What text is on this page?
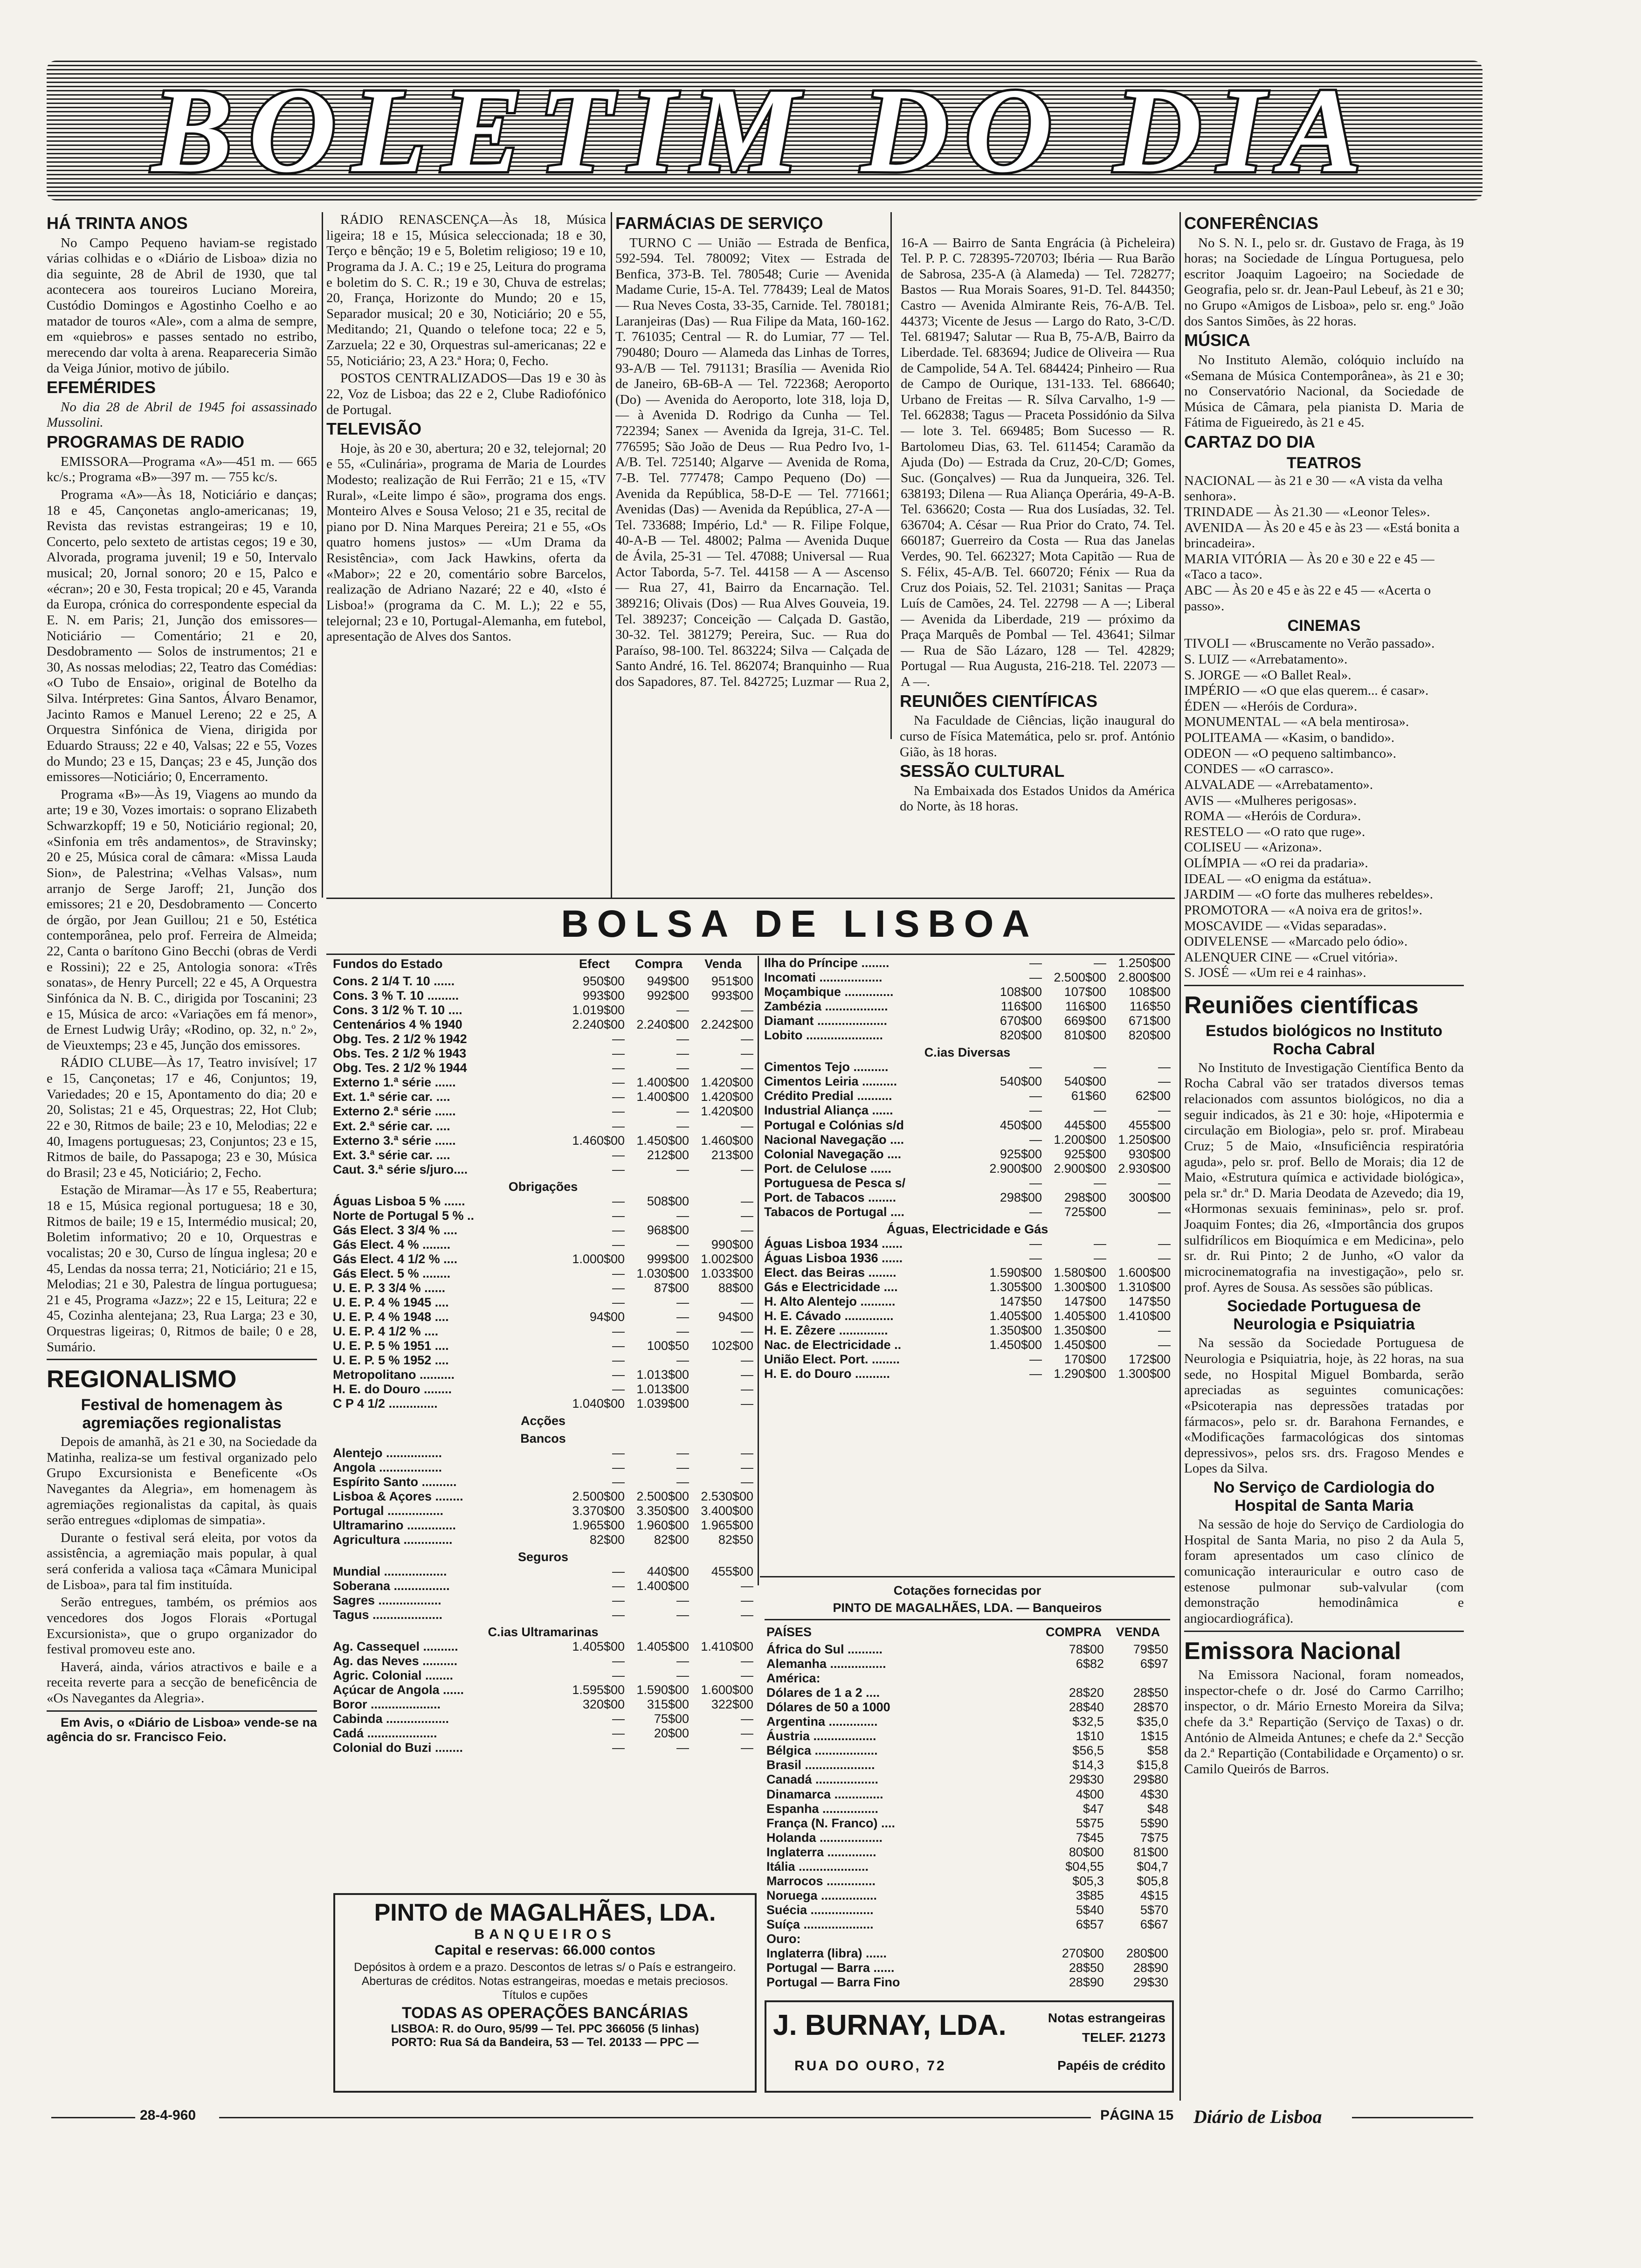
BOLETIM DO DIA
HÁ TRINTA ANOS

No Campo Pequeno haviam-se registado várias colhidas e o «Diário de Lisboa» dizia no dia seguinte, 28 de Abril de 1930, que tal acontecera aos toureiros Luciano Moreira, Custódio Domingos e Agostinho Coelho e ao matador de touros «Ale», com a alma de sempre, em «quiebros» e passes sentado no estribo, merecendo dar volta à arena. Reapareceria Simão da Veiga Júnior, motivo de júbilo.

EFEMÉRIDES

No dia 28 de Abril de 1945 foi assassinado Mussolini.

PROGRAMAS DE RADIO

EMISSORA—Programa «A»—451 m. — 665 kc/s.; Programa «B»—397 m. — 755 kc/s.

Programa «A»—Às 18, Noticiário e danças; 18 e 45, Cançonetas anglo-americanas; 19, Revista das revistas estrangeiras; 19 e 10, Concerto, pelo sexteto de artistas cegos; 19 e 30, Alvorada, programa juvenil; 19 e 50, Intervalo musical; 20, Jornal sonoro; 20 e 15, Palco e «écran»; 20 e 30, Festa tropical; 20 e 45, Varanda da Europa, crónica do correspondente especial da E. N. em Paris; 21, Junção dos emissores—Noticiário — Comentário; 21 e 20, Desdobramento — Solos de instrumentos; 21 e 30, As nossas melodias; 22, Teatro das Comédias: «O Tubo de Ensaio», original de Botelho da Silva. Intérpretes: Gina Santos, Álvaro Benamor, Jacinto Ramos e Manuel Lereno; 22 e 25, A Orquestra Sinfónica de Viena, dirigida por Eduardo Strauss; 22 e 40, Valsas; 22 e 55, Vozes do Mundo; 23 e 15, Danças; 23 e 45, Junção dos emissores—Noticiário; 0, Encerramento.

Programa «B»—Às 19, Viagens ao mundo da arte; 19 e 30, Vozes imortais: o soprano Elizabeth Schwarzkopff; 19 e 50, Noticiário regional; 20, «Sinfonia em três andamentos», de Stravinsky; 20 e 25, Música coral de câmara: «Missa Lauda Sion», de Palestrina; «Velhas Valsas», num arranjo de Serge Jaroff; 21, Junção dos emissores; 21 e 20, Desdobramento — Concerto de órgão, por Jean Guillou; 21 e 50, Estética contemporânea, pelo prof. Ferreira de Almeida; 22, Canta o barítono Gino Becchi (obras de Verdi e Rossini); 22 e 25, Antologia sonora: «Três sonatas», de Henry Purcell; 22 e 45, A Orquestra Sinfónica da N. B. C., dirigida por Toscanini; 23 e 15, Música de arco: «Variações em fá menor», de Ernest Ludwig Urây; «Rodino, op. 32, n.º 2», de Vieuxtemps; 23 e 45, Junção dos emissores.

RÁDIO CLUBE—Às 17, Teatro invisível; 17 e 15, Cançonetas; 17 e 46, Conjuntos; 19, Variedades; 20 e 15, Apontamento do dia; 20 e 20, Solistas; 21 e 45, Orquestras; 22, Hot Club; 22 e 30, Ritmos de baile; 23 e 10, Melodias; 22 e 40, Imagens portuguesas; 23, Conjuntos; 23 e 15, Ritmos de baile, do Passapoga; 23 e 30, Música do Brasil; 23 e 45, Noticiário; 2, Fecho.

Estação de Miramar—Às 17 e 55, Reabertura; 18 e 15, Música regional portuguesa; 18 e 30, Ritmos de baile; 19 e 15, Intermédio musical; 20, Boletim informativo; 20 e 10, Orquestras e vocalistas; 20 e 30, Curso de língua inglesa; 20 e 45, Lendas da nossa terra; 21, Noticiário; 21 e 15, Melodias; 21 e 30, Palestra de língua portuguesa; 21 e 45, Programa «Jazz»; 22 e 15, Leitura; 22 e 45, Cozinha alentejana; 23, Rua Larga; 23 e 30, Orquestras ligeiras; 0, Ritmos de baile; 0 e 28, Sumário.

REGIONALISMO
Festival de homenagem às agremiações regionalistas

Depois de amanhã, às 21 e 30, na Sociedade da Matinha, realiza-se um festival organizado pelo Grupo Excursionista e Beneficente «Os Navegantes da Alegria», em homenagem às agremiações regionalistas da capital, às quais serão entregues «diplomas de simpatia».

Durante o festival será eleita, por votos da assistência, a agremiação mais popular, à qual será conferida a valiosa taça «Câmara Municipal de Lisboa», para tal fim instituída.

Serão entregues, também, os prémios aos vencedores dos Jogos Florais «Portugal Excursionista», que o grupo organizador do festival promoveu este ano.

Haverá, ainda, vários atractivos e baile e a receita reverte para a secção de beneficência de «Os Navegantes da Alegria».

Em Avis, o «Diário de Lisboa» vende-se na agência do sr. Francisco Feio.

RÁDIO RENASCENÇA—Às 18, Música ligeira; 18 e 15, Música seleccionada; 18 e 30, Terço e bênção; 19 e 5, Boletim religioso; 19 e 10, Programa da J. A. C.; 19 e 25, Leitura do programa e boletim do S. C. R.; 19 e 30, Chuva de estrelas; 20, França, Horizonte do Mundo; 20 e 15, Separador musical; 20 e 30, Noticiário; 20 e 55, Meditando; 21, Quando o telefone toca; 22 e 5, Zarzuela; 22 e 30, Orquestras sul-americanas; 22 e 55, Noticiário; 23, A 23.ª Hora; 0, Fecho.

POSTOS CENTRALIZADOS—Das 19 e 30 às 22, Voz de Lisboa; das 22 e 2, Clube Radiofónico de Portugal.

TELEVISÃO

Hoje, às 20 e 30, abertura; 20 e 32, telejornal; 20 e 55, «Culinária», programa de Maria de Lourdes Modesto; realização de Rui Ferrão; 21 e 15, «TV Rural», «Leite limpo é são», programa dos engs. Monteiro Alves e Sousa Veloso; 21 e 35, recital de piano por D. Nina Marques Pereira; 21 e 55, «Os quatro homens justos» — «Um Drama da Resistência», com Jack Hawkins, oferta da «Mabor»; 22 e 20, comentário sobre Barcelos, realização de Adriano Nazaré; 22 e 40, «Isto é Lisboa!» (programa da C. M. L.); 22 e 55, telejornal; 23 e 10, Portugal-Alemanha, em futebol, apresentação de Alves dos Santos.

FARMÁCIAS DE SERVIÇO

TURNO C — União — Estrada de Benfica, 592-594. Tel. 780092; Vitex — Estrada de Benfica, 373-B. Tel. 780548; Curie — Avenida Madame Curie, 15-A. Tel. 778439; Leal de Matos — Rua Neves Costa, 33-35, Carnide. Tel. 780181; Laranjeiras (Das) — Rua Filipe da Mata, 160-162. T. 761035; Central — R. do Lumiar, 77 — Tel. 790480; Douro — Alameda das Linhas de Torres, 93-A/B — Tel. 791131; Brasília — Avenida Rio de Janeiro, 6B-6B-A — Tel. 722368; Aeroporto (Do) — Avenida do Aeroporto, lote 318, loja D, — à Avenida D. Rodrigo da Cunha — Tel. 722394; Sanex — Avenida da Igreja, 31-C. Tel. 776595; São João de Deus — Rua Pedro Ivo, 1-A/B. Tel. 725140; Algarve — Avenida de Roma, 7-B. Tel. 777478; Campo Pequeno (Do) — Avenida da República, 58-D-E — Tel. 771661; Avenidas (Das) — Avenida da República, 27-A — Tel. 733688; Império, Ld.ª — R. Filipe Folque, 40-A-B — Tel. 48002; Palma — Avenida Duque de Ávila, 25-31 — Tel. 47088; Universal — Rua Actor Taborda, 5-7. Tel. 44158 — A — Ascenso — Rua 27, 41, Bairro da Encarnação. Tel. 389216; Olivais (Dos) — Rua Alves Gouveia, 19. Tel. 389237; Conceição — Calçada D. Gastão, 30-32. Tel. 381279; Pereira, Suc. — Rua do Paraíso, 98-100. Tel. 863224; Silva — Calçada de Santo André, 16. Tel. 862074; Branquinho — Rua dos Sapadores, 87. Tel. 842725; Luzmar — Rua 2, 16-A — Bairro de Santa Engrácia (à Picheleira) Tel. P. P. C. 728395-720703; Ibéria — Rua Barão de Sabrosa, 235-A (à Alameda) — Tel. 728277; Bastos — Rua Morais Soares, 91-D. Tel. 844350; Castro — Avenida Almirante Reis, 76-A/B. Tel. 44373; Vicente de Jesus — Largo do Rato, 3-C/D. Tel. 681947; Salutar — Rua B, 75-A/B, Bairro da Liberdade. Tel. 683694; Judice de Oliveira — Rua de Campolide, 54 A. Tel. 684424; Pinheiro — Rua de Campo de Ourique, 131-133. Tel. 686640; Urbano de Freitas — R. Sílva Carvalho, 1-9 — Tel. 662838; Tagus — Praceta Possidónio da Silva — lote 3. Tel. 669485; Bom Sucesso — R. Bartolomeu Dias, 63. Tel. 611454; Caramão da Ajuda (Do) — Estrada da Cruz, 20-C/D; Gomes, Suc. (Gonçalves) — Rua da Junqueira, 326. Tel. 638193; Dilena — Rua Aliança Operária, 49-A-B. Tel. 636620; Costa — Rua dos Lusíadas, 32. Tel. 636704; A. César — Rua Prior do Crato, 74. Tel. 660187; Guerreiro da Costa — Rua das Janelas Verdes, 90. Tel. 662327; Mota Capitão — Rua de S. Félix, 45-A/B. Tel. 660720; Fénix — Rua da Cruz dos Poiais, 52. Tel. 21031; Sanitas — Praça Luís de Camões, 24. Tel. 22798 — A —; Liberal — Avenida da Liberdade, 219 — próximo da Praça Marquês de Pombal — Tel. 43641; Silmar — Rua de São Lázaro, 128 — Tel. 42829; Portugal — Rua Augusta, 216-218. Tel. 22073 — A —.

REUNIÕES CIENTÍFICAS

Na Faculdade de Ciências, lição inaugural do curso de Física Matemática, pelo sr. prof. António Gião, às 18 horas.

SESSÃO CULTURAL

Na Embaixada dos Estados Unidos da América do Norte, às 18 horas.

CONFERÊNCIAS

No S. N. I., pelo sr. dr. Gustavo de Fraga, às 19 horas; na Sociedade de Língua Portuguesa, pelo escritor Joaquim Lagoeiro; na Sociedade de Geografia, pelo sr. dr. Jean-Paul Lebeuf, às 21 e 30; no Grupo «Amigos de Lisboa», pelo sr. eng.º João dos Santos Simões, às 22 horas.

MÚSICA

No Instituto Alemão, colóquio incluído na «Semana de Música Contemporânea», às 21 e 30; no Conservatório Nacional, da Sociedade de Música de Câmara, pela pianista D. Maria de Fátima de Figueiredo, às 21 e 45.

CARTAZ DO DIA
TEATROS

NACIONAL — às 21 e 30 — «A vista da velha senhora».

TRINDADE — Às 21.30 — «Leonor Teles».

AVENIDA — Às 20 e 45 e às 23 — «Está bonita a brincadeira».

MARIA VITÓRIA — Às 20 e 30 e 22 e 45 — «Taco a taco».

ABC — Às 20 e 45 e às 22 e 45 — «Acerta o passo».

CINEMAS

TIVOLI — «Bruscamente no Verão passado».

S. LUIZ — «Arrebatamento».

S. JORGE — «O Ballet Real».

IMPÉRIO — «O que elas querem... é casar».

ÉDEN — «Heróis de Cordura».

MONUMENTAL — «A bela mentirosa».

POLITEAMA — «Kasim, o bandido».

ODEON — «O pequeno saltimbanco».

CONDES — «O carrasco».

ALVALADE — «Arrebatamento».

AVIS — «Mulheres perigosas».

ROMA — «Heróis de Cordura».

RESTELO — «O rato que ruge».

COLISEU — «Arizona».

OLÍMPIA — «O rei da pradaria».

IDEAL — «O enigma da estátua».

JARDIM — «O forte das mulheres rebeldes».

PROMOTORA — «A noiva era de gritos!».

MOSCAVIDE — «Vidas separadas».

ODIVELENSE — «Marcado pelo ódio».

ALENQUER CINE — «Cruel vitória».

S. JOSÉ — «Um rei e 4 rainhas».

Reuniões científicas
Estudos biológicos no Instituto Rocha Cabral

No Instituto de Investigação Científica Bento da Rocha Cabral vão ser tratados diversos temas relacionados com assuntos biológicos, no dia a seguir indicados, às 21 e 30: hoje, «Hipotermia e circulação em Biologia», pelo sr. prof. Mirabeau Cruz; 5 de Maio, «Insuficiência respiratória aguda», pelo sr. prof. Bello de Morais; dia 12 de Maio, «Estrutura química e actividade biológica», pela sr.ª dr.ª D. Maria Deodata de Azevedo; dia 19, «Hormonas sexuais femininas», pelo sr. prof. Joaquim Fontes; dia 26, «Importância dos grupos sulfidrílicos em Bioquímica e em Medicina», pelo sr. dr. Rui Pinto; 2 de Junho, «O valor da microcinematografia na investigação», pelo sr. prof. Ayres de Sousa. As sessões são públicas.

Sociedade Portuguesa de Neurologia e Psiquiatria

Na sessão da Sociedade Portuguesa de Neurologia e Psiquiatria, hoje, às 22 horas, na sua sede, no Hospital Miguel Bombarda, serão apreciadas as seguintes comunicações: «Psicoterapia nas depressões tratadas por fármacos», pelo sr. dr. Barahona Fernandes, e «Modificações farmacológicas dos sintomas depressivos», pelos srs. drs. Fragoso Mendes e Lopes da Silva.

No Serviço de Cardiologia do Hospital de Santa Maria

Na sessão de hoje do Serviço de Cardiologia do Hospital de Santa Maria, no piso 2 da Aula 5, foram apresentados um caso clínico de comunicação interauricular e outro caso de estenose pulmonar sub-valvular (com demonstração hemodinâmica e angiocardiográfica).

Emissora Nacional

Na Emissora Nacional, foram nomeados, inspector-chefe o dr. José do Carmo Carrilho; inspector, o dr. Mário Ernesto Moreira da Silva; chefe da 3.ª Repartição (Serviço de Taxas) o dr. António de Almeida Antunes; e chefe da 2.ª Secção da 2.ª Repartição (Contabilidade e Orçamento) o sr. Camilo Queirós de Barros.

BOLSA DE LISBOA
Fundos do Estado	Efect	Compra	Venda
Cons. 2 1/4 T. 10 ......	950$00	949$00	951$00
Cons. 3 % T. 10 .........	993$00	992$00	993$00
Cons. 3 1/2 % T. 10 ....	1.019$00	—	—
Centenários 4 % 1940	2.240$00	2.240$00	2.242$00
Obg. Tes. 2 1/2 % 1942	—	—	—
Obs. Tes. 2 1/2 % 1943	—	—	—
Obg. Tes. 2 1/2 % 1944	—	—	—
Externo 1.ª série ......	—	1.400$00	1.420$00
Ext. 1.ª série car. ....	—	1.400$00	1.420$00
Externo 2.ª série ......	—	—	1.420$00
Ext. 2.ª série car. ....	—	—	—
Externo 3.ª série ......	1.460$00	1.450$00	1.460$00
Ext. 3.ª série car. ....	—	212$00	213$00
Caut. 3.ª série s/juro....	—	—	—
Obrigações			
Águas Lisboa 5 % ......	—	508$00	—
Norte de Portugal 5 % ..	—	—	—
Gás Elect. 3 3/4 % ....	—	968$00	—
Gás Elect. 4 % ........	—	—	990$00
Gás Elect. 4 1/2 % ....	1.000$00	999$00	1.002$00
Gás Elect. 5 % ........	—	1.030$00	1.033$00
U. E. P. 3 3/4 % ......	—	87$00	88$00
U. E. P. 4 % 1945 ....	—	—	—
U. E. P. 4 % 1948 ....	94$00	—	94$00
U. E. P. 4 1/2 % ....	—	—	—
U. E. P. 5 % 1951 ....	—	100$50	102$00
U. E. P. 5 % 1952 ....	—	—	—
Metropolitano ..........	—	1.013$00	—
H. E. do Douro ........	—	1.013$00	—
C P 4 1/2 ..............	1.040$00	1.039$00	—
Acções			
Bancos			
Alentejo ................	—	—	—
Angola ..................	—	—	—
Espírito Santo ..........	—	—	—
Lisboa & Açores ........	2.500$00	2.500$00	2.530$00
Portugal ................	3.370$00	3.350$00	3.400$00
Ultramarino ..............	1.965$00	1.960$00	1.965$00
Agricultura ..............	82$00	82$00	82$50
Seguros			
Mundial ..................	—	440$00	455$00
Soberana ................	—	1.400$00	—
Sagres ..................	—	—	—
Tagus ....................	—	—	—
C.ias Ultramarinas			
Ag. Cassequel ..........	1.405$00	1.405$00	1.410$00
Ag. das Neves ..........	—	—	—
Agric. Colonial ........	—	—	—
Açúcar de Angola ......	1.595$00	1.590$00	1.600$00
Boror ....................	320$00	315$00	322$00
Cabinda ..................	—	75$00	—
Cadá ....................	—	20$00	—
Colonial do Buzi ........	—	—	—
Ilha do Príncipe ........	—	—	1.250$00
Incomati ..................	—	2.500$00	2.800$00
Moçambique ..............	108$00	107$00	108$00
Zambézia ..................	116$00	116$00	116$50
Diamant ....................	670$00	669$00	671$00
Lobito ......................	820$00	810$00	820$00
C.ias Diversas			
Cimentos Tejo ..........	—	—	—
Cimentos Leiria ..........	540$00	540$00	—
Crédito Predial ..........	—	61$60	62$00
Industrial Aliança ......	—	—	—
Portugal e Colónias s/d	450$00	445$00	455$00
Nacional Navegação ....	—	1.200$00	1.250$00
Colonial Navegação ....	925$00	925$00	930$00
Port. de Celulose ......	2.900$00	2.900$00	2.930$00
Portuguesa de Pesca s/	—	—	—
Port. de Tabacos ........	298$00	298$00	300$00
Tabacos de Portugal ....	—	725$00	—
Águas, Electricidade e Gás			
Águas Lisboa 1934 ......	—	—	—
Águas Lisboa 1936 ......	—	—	—
Elect. das Beiras ........	1.590$00	1.580$00	1.600$00
Gás e Electricidade ....	1.305$00	1.300$00	1.310$00
H. Alto Alentejo ..........	147$50	147$00	147$50
H. E. Cávado ..............	1.405$00	1.405$00	1.410$00
H. E. Zêzere ..............	1.350$00	1.350$00	—
Nac. de Electricidade ..	1.450$00	1.450$00	—
União Elect. Port. ........	—	170$00	172$00
H. E. do Douro ..........	—	1.290$00	1.300$00
Cotações fornecidas por
PINTO DE MAGALHÃES, LDA. — Banqueiros
PAÍSES	COMPRA	VENDA
África do Sul ..........	78$00	79$50
Alemanha ................	6$82	6$97
América:		
Dólares de 1 a 2 ....	28$20	28$50
Dólares de 50 a 1000	28$40	28$70
Argentina ..............	$32,5	$35,0
Áustria ..................	1$10	1$15
Bélgica ..................	$56,5	$58
Brasil ....................	$14,3	$15,8
Canadá ..................	29$30	29$80
Dinamarca ..............	4$00	4$30
Espanha ................	$47	$48
França (N. Franco) ....	5$75	5$90
Holanda ..................	7$45	7$75
Inglaterra ..............	80$00	81$00
Itália ....................	$04,55	$04,7
Marrocos ..............	$05,3	$05,8
Noruega ................	3$85	4$15
Suécia ..................	5$40	5$70
Suíça ....................	6$57	6$67
Ouro:		
Inglaterra (libra) ......	270$00	280$00
Portugal — Barra ......	28$50	28$90
Portugal — Barra Fino	28$90	29$30
PINTO de MAGALHÃES, LDA.
BANQUEIROS
Capital e reservas: 66.000 contos
Depósitos à ordem e a prazo. Descontos de letras s/ o País e estrangeiro. Aberturas de créditos. Notas estrangeiras, moedas e metais preciosos. Títulos e cupões
TODAS AS OPERAÇÕES BANCÁRIAS
LISBOA: R. do Ouro, 95/99 — Tel. PPC 366056 (5 linhas)
PORTO: Rua Sá da Bandeira, 53 — Tel. 20133 — PPC —
J. BURNAY, LDA.
RUA DO OURO, 72
Notas estrangeiras
TELEF. 21273
Papéis de crédito
28-4-960	PÁGINA 15 Diário de Lisboa
